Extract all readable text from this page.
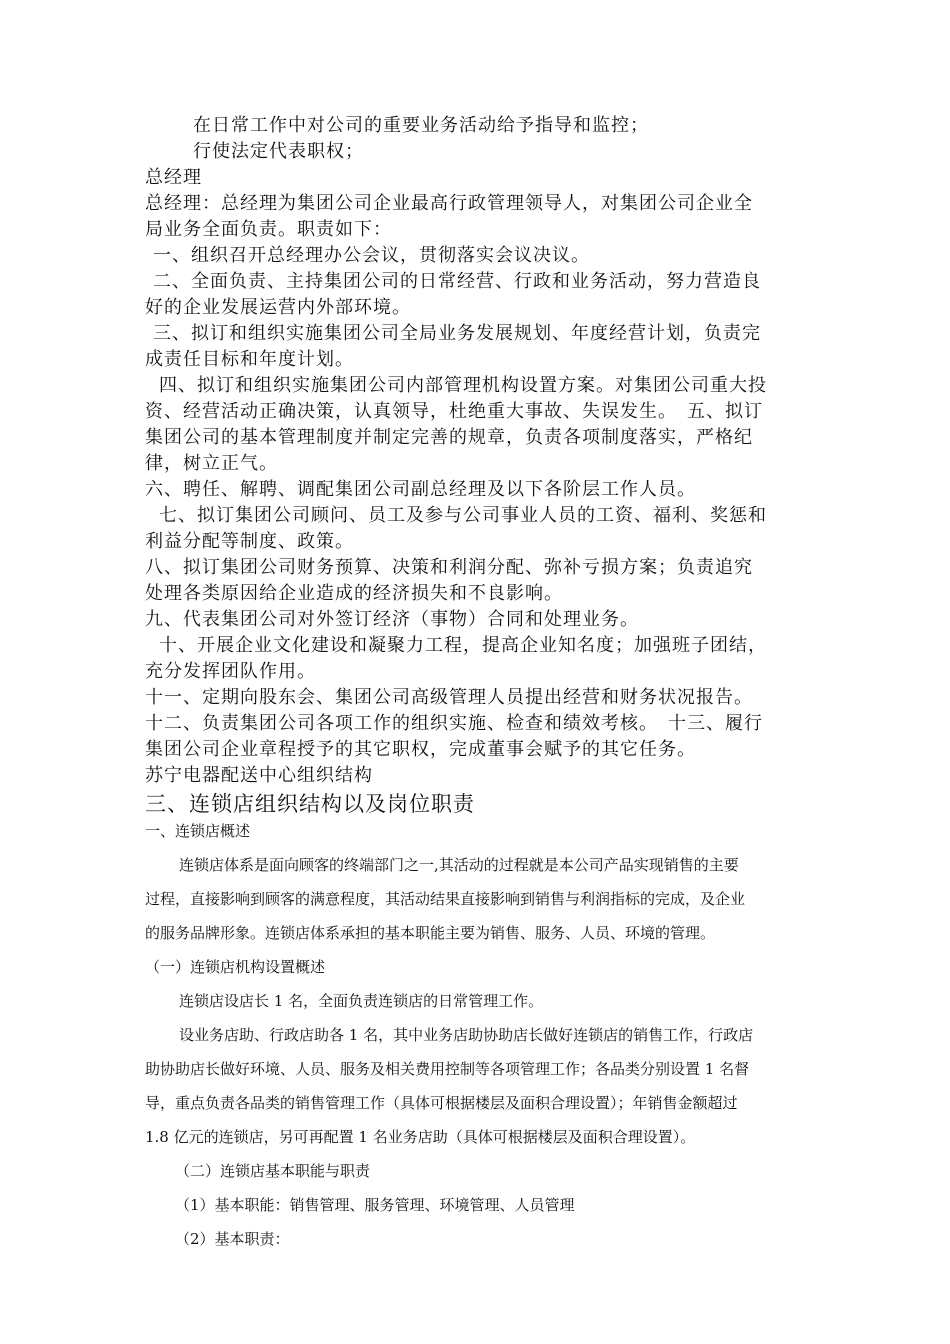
在日常工作中对公司的重要业务活动给予指导和监控；

行使法定代表职权；

总经理

总经理：总经理为集团公司企业最高行政管理领导人，对集团公司企业全

局业务全面负责。职责如下：

一、组织召开总经理办公会议，贯彻落实会议决议。

二、全面负责、主持集团公司的日常经营、行政和业务活动，努力营造良

好的企业发展运营内外部环境。

三、拟订和组织实施集团公司全局业务发展规划、年度经营计划，负责完

成责任目标和年度计划。

四、拟订和组织实施集团公司内部管理机构设置方案。对集团公司重大投

资、经营活动正确决策，认真领导，杜绝重大事故、失误发生。　五、拟订

集团公司的基本管理制度并制定完善的规章，负责各项制度落实，严格纪

律，树立正气。

六、聘任、解聘、调配集团公司副总经理及以下各阶层工作人员。

七、拟订集团公司顾问、员工及参与公司事业人员的工资、福利、奖惩和

利益分配等制度、政策。

八、拟订集团公司财务预算、决策和利润分配、弥补亏损方案；负责追究

处理各类原因给企业造成的经济损失和不良影响。

九、代表集团公司对外签订经济（事物）合同和处理业务。

十、开展企业文化建设和凝聚力工程，提高企业知名度；加强班子团结，

充分发挥团队作用。

十一、定期向股东会、集团公司高级管理人员提出经营和财务状况报告。

十二、负责集团公司各项工作的组织实施、检查和绩效考核。　十三、履行

集团公司企业章程授予的其它职权，完成董事会赋予的其它任务。

苏宁电器配送中心组织结构

三、连锁店组织结构以及岗位职责

一、连锁店概述

连锁店体系是面向顾客的终端部门之一,其活动的过程就是本公司产品实现销售的主要

过程，直接影响到顾客的满意程度，其活动结果直接影响到销售与利润指标的完成，及企业

的服务品牌形象。连锁店体系承担的基本职能主要为销售、服务、人员、环境的管理。

（一）连锁店机构设置概述

连锁店设店长 1 名，全面负责连锁店的日常管理工作。

设业务店助、行政店助各 1 名，其中业务店助协助店长做好连锁店的销售工作，行政店

助协助店长做好环境、人员、服务及相关费用控制等各项管理工作；各品类分别设置 1 名督

导，重点负责各品类的销售管理工作（具体可根据楼层及面积合理设置）；年销售金额超过

1.8 亿元的连锁店，另可再配置 1 名业务店助（具体可根据楼层及面积合理设置）。

（二）连锁店基本职能与职责

（1）基本职能：销售管理、服务管理、环境管理、人员管理

（2）基本职责：
